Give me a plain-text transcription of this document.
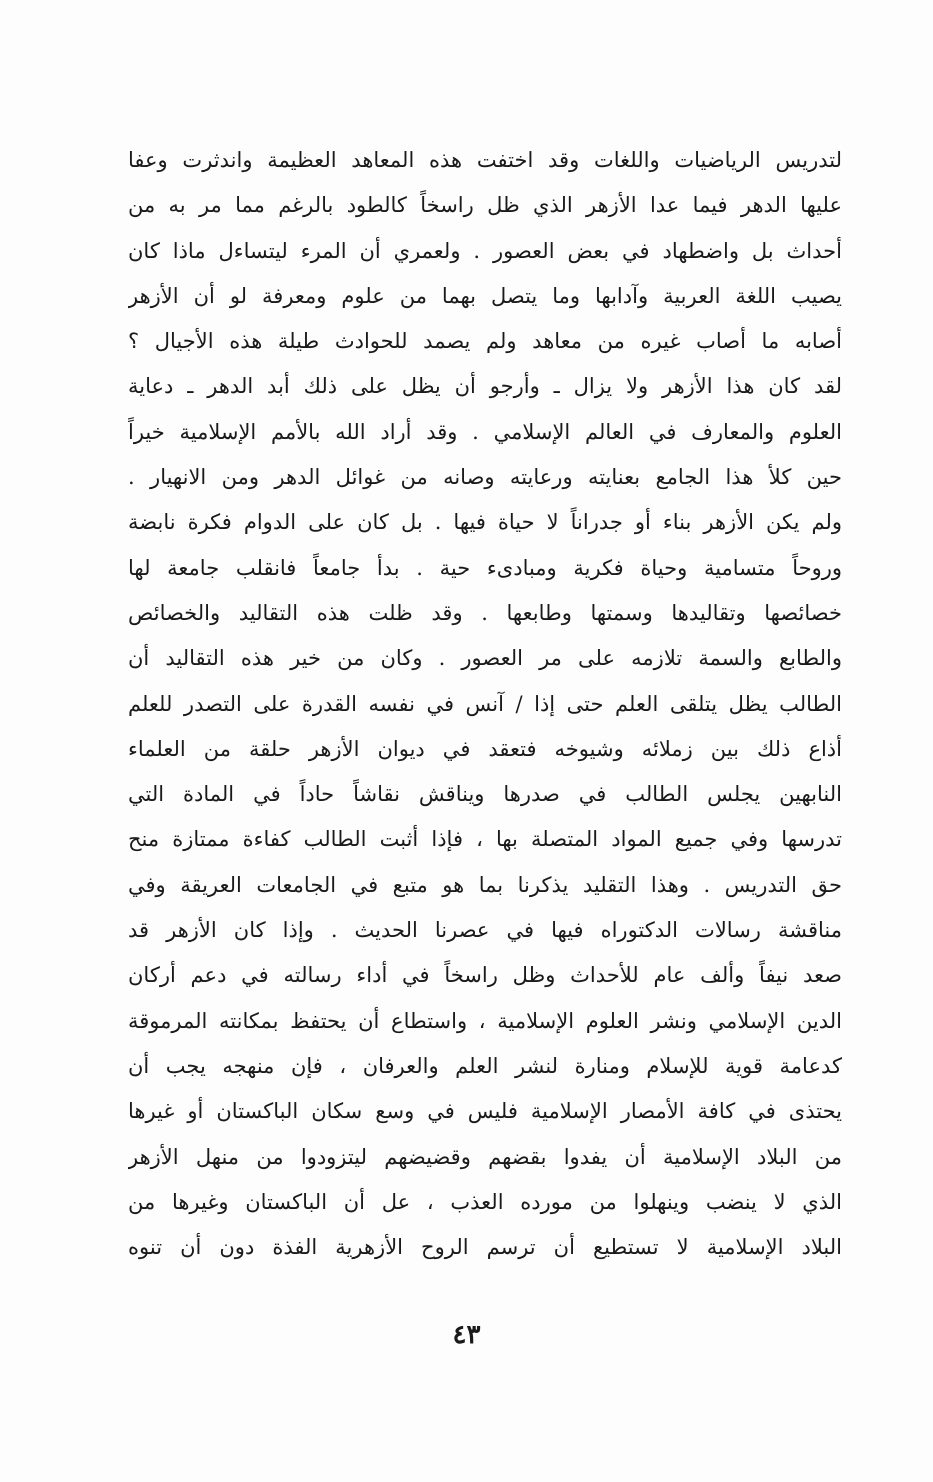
لتدريس الرياضيات واللغات وقد اختفت هذه المعاهد العظيمة واندثرت وعفا
عليها الدهر فيما عدا الأزهر الذي ظل راسخاً كالطود بالرغم مما مر به من
أحداث بل واضطهاد في بعض العصور . ولعمري أن المرء ليتساءل ماذا كان
يصيب اللغة العربية وآدابها وما يتصل بهما من علوم ومعرفة لو أن الأزهر
أصابه ما أصاب غيره من معاهد ولم يصمد للحوادث طيلة هذه الأجيال ؟
لقد كان هذا الأزهر ولا يزال ـ وأرجو أن يظل على ذلك أبد الدهر ـ دعاية
العلوم والمعارف في العالم الإسلامي . وقد أراد الله بالأمم الإسلامية خيراً
حين كلأ هذا الجامع بعنايته ورعايته وصانه من غوائل الدهر ومن الانهيار .
ولم يكن الأزهر بناء أو جدراناً لا حياة فيها . بل كان على الدوام فكرة نابضة
وروحاً متسامية وحياة فكرية ومبادىء حية . بدأ جامعاً فانقلب جامعة لها
خصائصها وتقاليدها وسمتها وطابعها . وقد ظلت هذه التقاليد والخصائص
والطابع والسمة تلازمه على مر العصور . وكان من خير هذه التقاليد أن
الطالب يظل يتلقى العلم حتى إذا / آنس في نفسه القدرة على التصدر للعلم
أذاع ذلك بين زملائه وشيوخه فتعقد في ديوان الأزهر حلقة من العلماء
النابهين يجلس الطالب في صدرها ويناقش نقاشاً حاداً في المادة التي
تدرسها وفي جميع المواد المتصلة بها ، فإذا أثبت الطالب كفاءة ممتازة منح
حق التدريس . وهذا التقليد يذكرنا بما هو متبع في الجامعات العريقة وفي
مناقشة رسالات الدكتوراه فيها في عصرنا الحديث . وإذا كان الأزهر قد
صعد نيفاً وألف عام للأحداث وظل راسخاً في أداء رسالته في دعم أركان
الدين الإسلامي ونشر العلوم الإسلامية ، واستطاع أن يحتفظ بمكانته المرموقة
كدعامة قوية للإسلام ومنارة لنشر العلم والعرفان ، فإن منهجه يجب أن
يحتذى في كافة الأمصار الإسلامية فليس في وسع سكان الباكستان أو غيرها
من البلاد الإسلامية أن يفدوا بقضهم وقضيضهم ليتزودوا من منهل الأزهر
الذي لا ينضب وينهلوا من مورده العذب ، عل أن الباكستان وغيرها من
البلاد الإسلامية لا تستطيع أن ترسم الروح الأزهرية الفذة دون أن تنوه
٤٣
